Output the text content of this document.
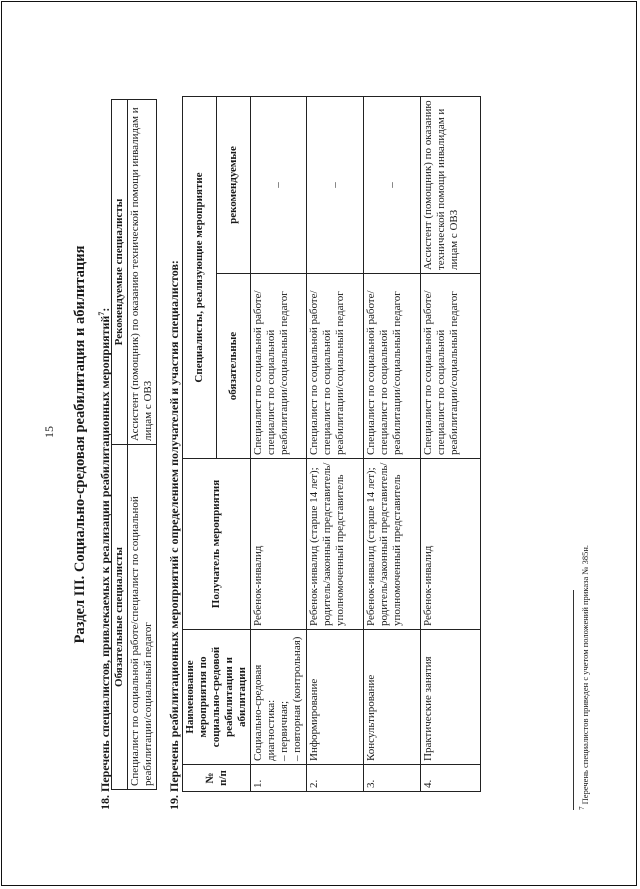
15 Раздел III. Социально-средовая реабилитация и абилитация 18. Перечень специалистов, привлекаемых к реализации реабилитационных мероприятий$^7$:
Обязательные специалисты	Рекомендуемые специалисты
Специалист по социальной работе/специалист по социальной реабилитации/социальный педагог	Ассистент (помощник) по оказанию технической помощи инвалидам и лицам с ОВЗ 19. Перечень реабилитационных мероприятий с определением получателей и участия специалистов: № п/п	Наименование мероприятия по социально-средовой реабилитации и абилитации	Получатель мероприятия	Специалисты, реализующие мероприятие	
			обязательные	рекомендуемые
1.	Социально-средовая диагностика: – первичная; – повторная (контрольная)	Ребенок-инвалид	Специалист по социальной работе/специалист по социальной реабилитации/социальный педагог	–
2.	Информирование	Ребенок-инвалид (старше 14 лет); родитель/законный представитель/уполномоченный представитель	Специалист по социальной работе/специалист по социальной реабилитации/социальный педагог	–
3.	Консультирование	Ребенок-инвалид (старше 14 лет); родитель/законный представитель/уполномоченный представитель	Специалист по социальной работе/специалист по социальной реабилитации/социальный педагог	–
4.	Практические занятия	Ребенок-инвалид	Специалист по социальной работе/специалист по социальной реабилитации/социальный педагог	Ассистент (помощник) по оказанию технической помощи инвалидам и лицам с ОВЗ
$^7$ Перечень специалистов приведен с учетом положений приказа № 385н.
